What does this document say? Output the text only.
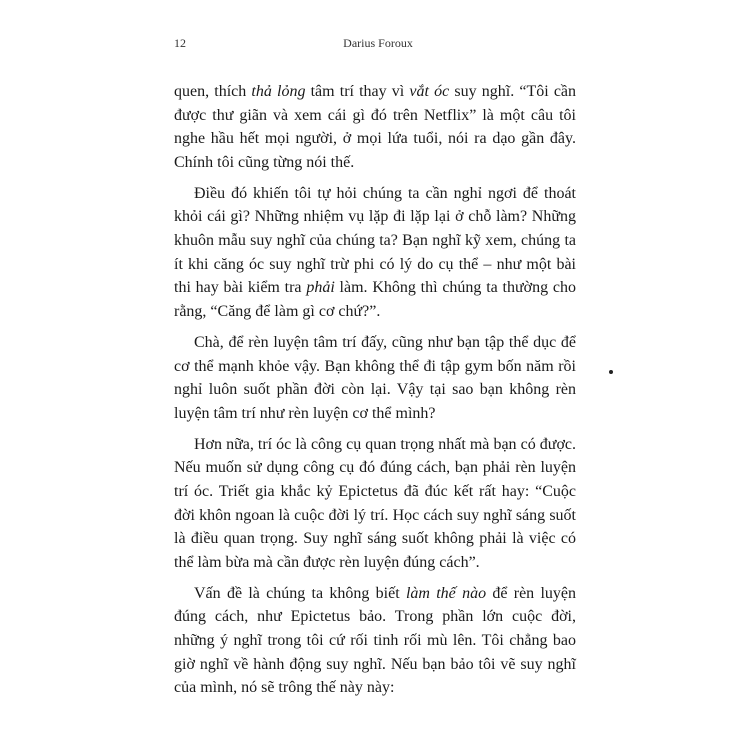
12	Darius Foroux

quen, thích thả lỏng tâm trí thay vì vắt óc suy nghĩ. “Tôi cần được thư giãn và xem cái gì đó trên Netflix” là một câu tôi nghe hầu hết mọi người, ở mọi lứa tuổi, nói ra dạo gần đây. Chính tôi cũng từng nói thế.

Điều đó khiến tôi tự hỏi chúng ta cần nghỉ ngơi để thoát khỏi cái gì? Những nhiệm vụ lặp đi lặp lại ở chỗ làm? Những khuôn mẫu suy nghĩ của chúng ta? Bạn nghĩ kỹ xem, chúng ta ít khi căng óc suy nghĩ trừ phi có lý do cụ thể – như một bài thi hay bài kiểm tra phải làm. Không thì chúng ta thường cho rằng, “Căng để làm gì cơ chứ?”.

Chà, để rèn luyện tâm trí đấy, cũng như bạn tập thể dục để cơ thể mạnh khỏe vậy. Bạn không thể đi tập gym bốn năm rồi nghỉ luôn suốt phần đời còn lại. Vậy tại sao bạn không rèn luyện tâm trí như rèn luyện cơ thể mình?

Hơn nữa, trí óc là công cụ quan trọng nhất mà bạn có được. Nếu muốn sử dụng công cụ đó đúng cách, bạn phải rèn luyện trí óc. Triết gia khắc kỷ Epictetus đã đúc kết rất hay: “Cuộc đời khôn ngoan là cuộc đời lý trí. Học cách suy nghĩ sáng suốt là điều quan trọng. Suy nghĩ sáng suốt không phải là việc có thể làm bừa mà cần được rèn luyện đúng cách”.

Vấn đề là chúng ta không biết làm thế nào để rèn luyện đúng cách, như Epictetus bảo. Trong phần lớn cuộc đời, những ý nghĩ trong tôi cứ rối tinh rối mù lên. Tôi chẳng bao giờ nghĩ về hành động suy nghĩ. Nếu bạn bảo tôi vẽ suy nghĩ của mình, nó sẽ trông thế này này:
